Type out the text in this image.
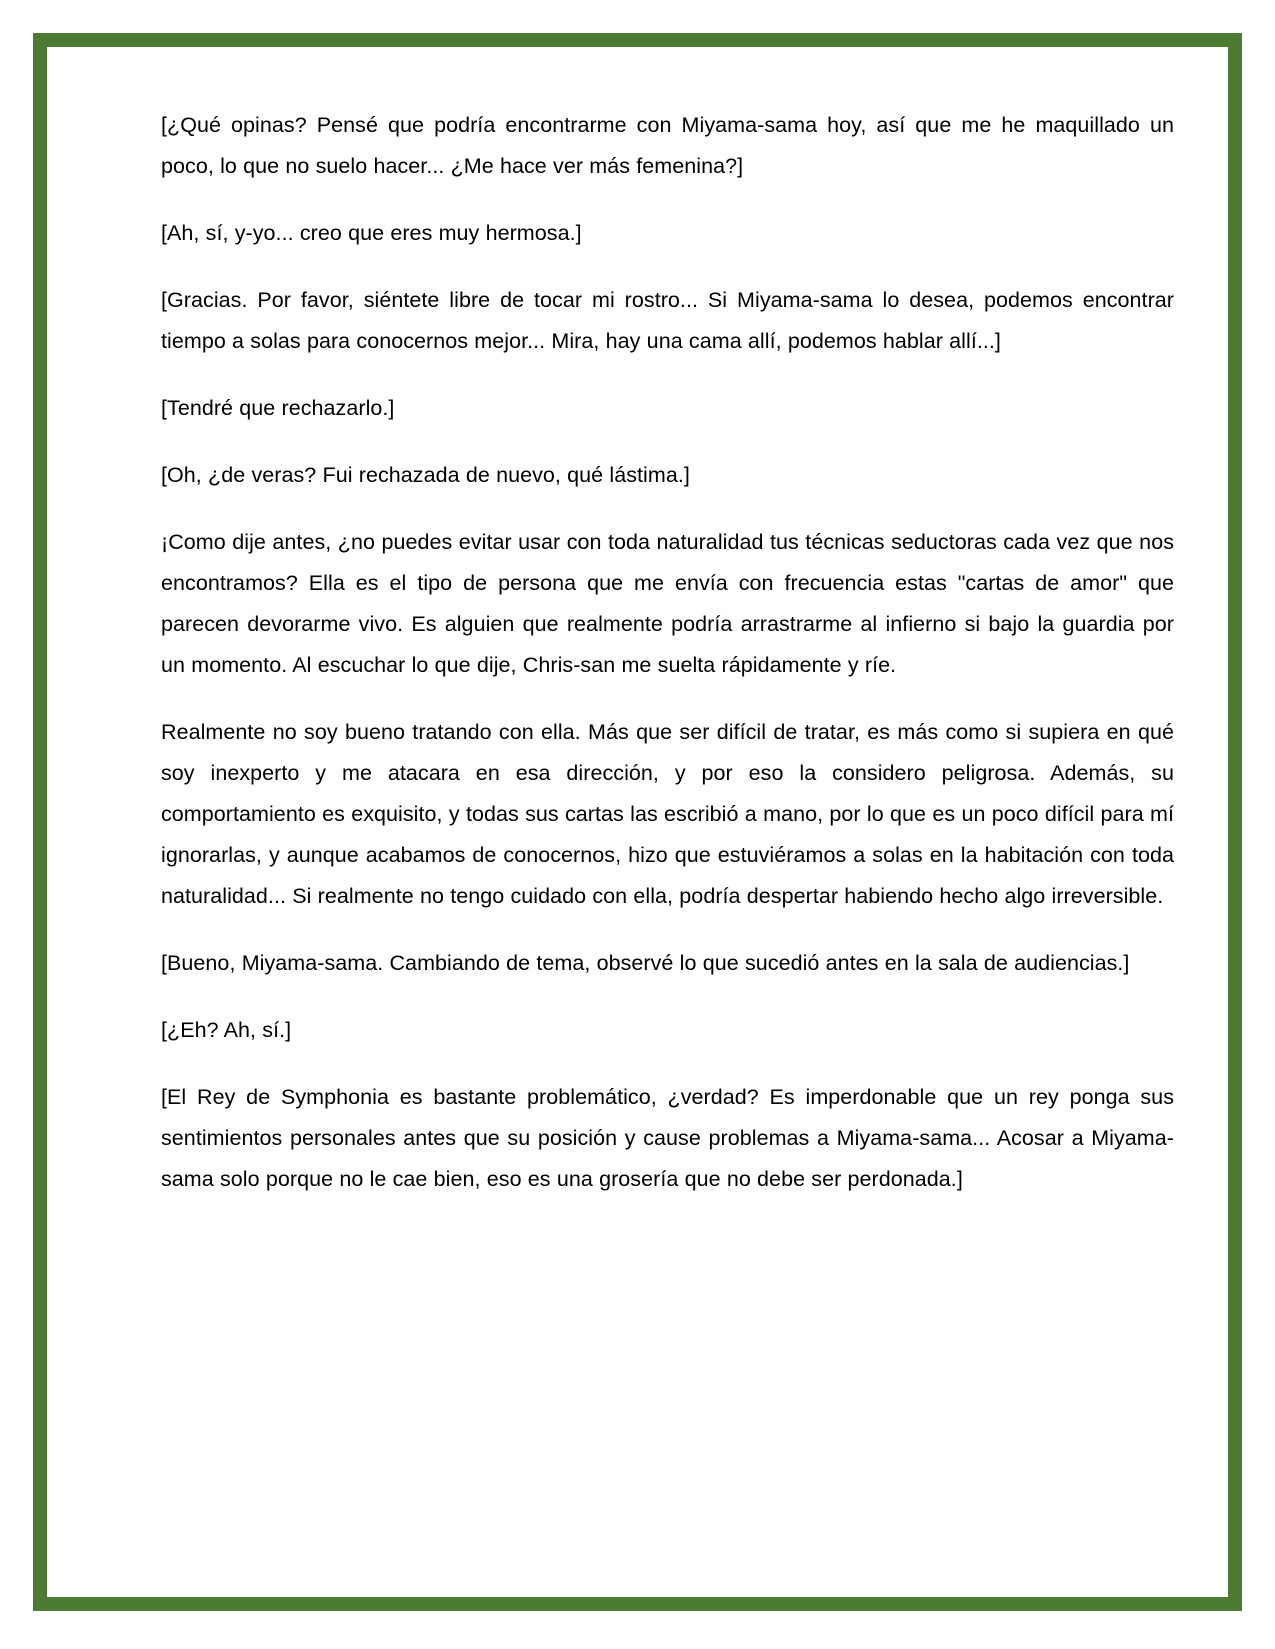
[¿Qué opinas? Pensé que podría encontrarme con Miyama-sama hoy, así que me he maquillado un poco, lo que no suelo hacer... ¿Me hace ver más femenina?]

[Ah, sí, y-yo... creo que eres muy hermosa.]

[Gracias. Por favor, siéntete libre de tocar mi rostro... Si Miyama-sama lo desea, podemos encontrar tiempo a solas para conocernos mejor... Mira, hay una cama allí, podemos hablar allí...]

[Tendré que rechazarlo.]

[Oh, ¿de veras? Fui rechazada de nuevo, qué lástima.]

¡Como dije antes, ¿no puedes evitar usar con toda naturalidad tus técnicas seductoras cada vez que nos encontramos? Ella es el tipo de persona que me envía con frecuencia estas "cartas de amor" que parecen devorarme vivo. Es alguien que realmente podría arrastrarme al infierno si bajo la guardia por un momento. Al escuchar lo que dije, Chris-san me suelta rápidamente y ríe.

Realmente no soy bueno tratando con ella. Más que ser difícil de tratar, es más como si supiera en qué soy inexperto y me atacara en esa dirección, y por eso la considero peligrosa. Además, su comportamiento es exquisito, y todas sus cartas las escribió a mano, por lo que es un poco difícil para mí ignorarlas, y aunque acabamos de conocernos, hizo que estuviéramos a solas en la habitación con toda naturalidad... Si realmente no tengo cuidado con ella, podría despertar habiendo hecho algo irreversible.

[Bueno, Miyama-sama. Cambiando de tema, observé lo que sucedió antes en la sala de audiencias.]

[¿Eh? Ah, sí.]

[El Rey de Symphonia es bastante problemático, ¿verdad? Es imperdonable que un rey ponga sus sentimientos personales antes que su posición y cause problemas a Miyama-sama... Acosar a Miyama-sama solo porque no le cae bien, eso es una grosería que no debe ser perdonada.]
